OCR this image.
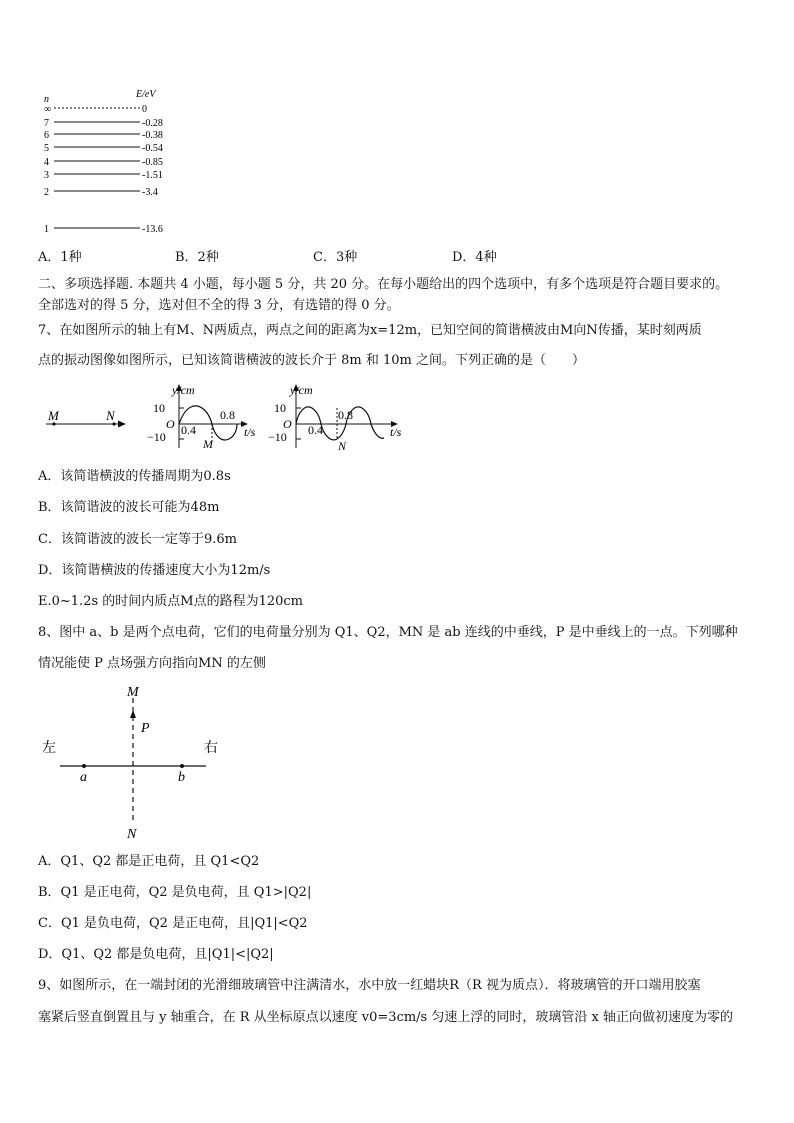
n	E/eV
∞	0
7	-0.28
6	-0.38
5	-0.54
4	-0.85
3	-1.51
2	-3.4
1	-13.6
A．1种	B．2种	C．3种	D．4种
二、多项选择题. 本题共 4 小题，每小题 5 分，共 20 分。在每小题给出的四个选项中，有多个选项是符合题目要求的。
全部选对的得 5 分，选对但不全的得 3 分，有选错的得 0 分。
7、在如图所示的轴上有M、N两质点，两点之间的距离为x=12m，已知空间的简谐横波由M向N传播，某时刻两质
点的振动图像如图所示，已知该简谐横波的波长介于 8m 和 10m 之间。下列正确的是（　　）
M	N
y/cm
10
O
−10 0.4
0.8
t/s
M
y/cm
10
O
−10 0.4
0.8
t/s
N
A．该简谐横波的传播周期为0.8s
B．该简谐波的波长可能为48m
C．该简谐波的波长一定等于9.6m
D．该简谐横波的传播速度大小为12m/s
E.0~1.2s 的时间内质点M点的路程为120cm
8、图中 a、b 是两个点电荷，它们的电荷量分别为 Q1、Q2，MN 是 ab 连线的中垂线，P 是中垂线上的一点。下列哪种
情况能使 P 点场强方向指向MN 的左侧
M
P
左	右
a	b
N
A．Q1、Q2 都是正电荷，且 Q1<Q2
B．Q1 是正电荷，Q2 是负电荷，且 Q1>|Q2|
C．Q1 是负电荷，Q2 是正电荷，且|Q1|<Q2
D．Q1、Q2 都是负电荷，且|Q1|<|Q2|
9、如图所示，在一端封闭的光滑细玻璃管中注满清水，水中放一红蜡块R（R 视为质点）．将玻璃管的开口端用胶塞
塞紧后竖直倒置且与 y 轴重合，在 R 从坐标原点以速度 v0=3cm/s 匀速上浮的同时，玻璃管沿 x 轴正向做初速度为零的
